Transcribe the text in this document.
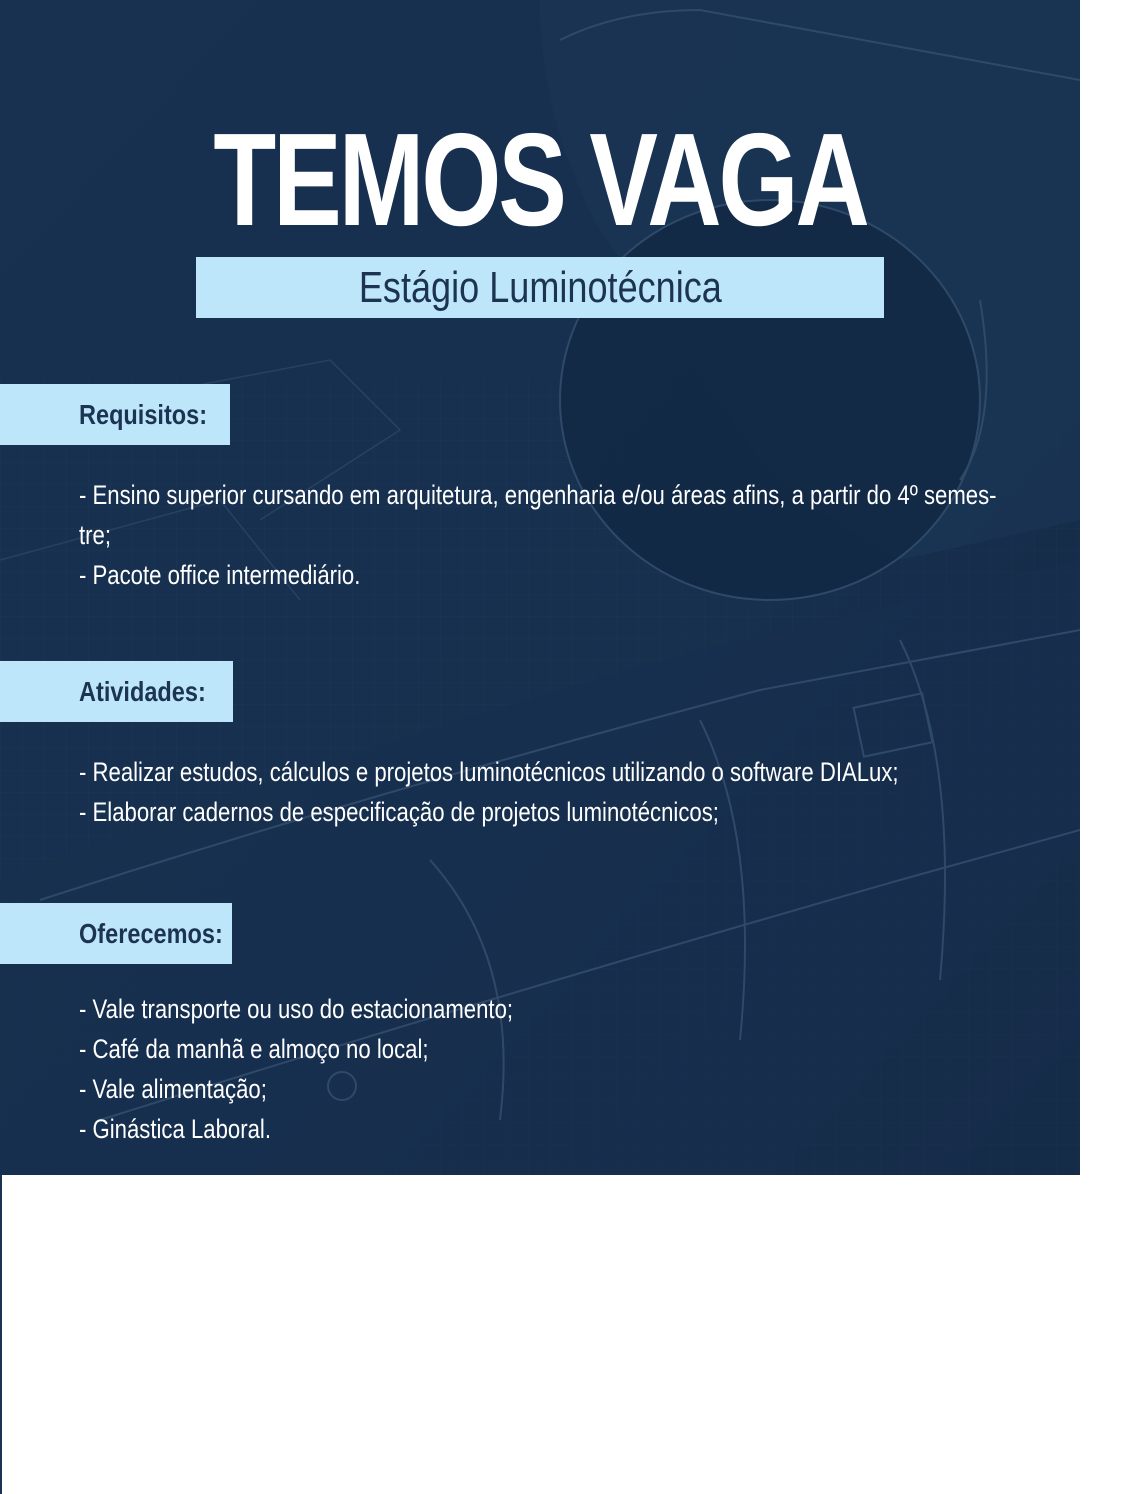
TEMOS VAGA
Estágio Luminotécnica
Requisitos:
- Ensino superior cursando em arquitetura, engenharia e/ou áreas afins, a partir do 4º semes-
tre;
- Pacote office intermediário.
Atividades:
- Realizar estudos, cálculos e projetos luminotécnicos utilizando o software DIALux;
- Elaborar cadernos de especificação de projetos luminotécnicos;
Oferecemos:
- Vale transporte ou uso do estacionamento;
- Café da manhã e almoço no local;
- Vale alimentação;
- Ginástica Laboral.
